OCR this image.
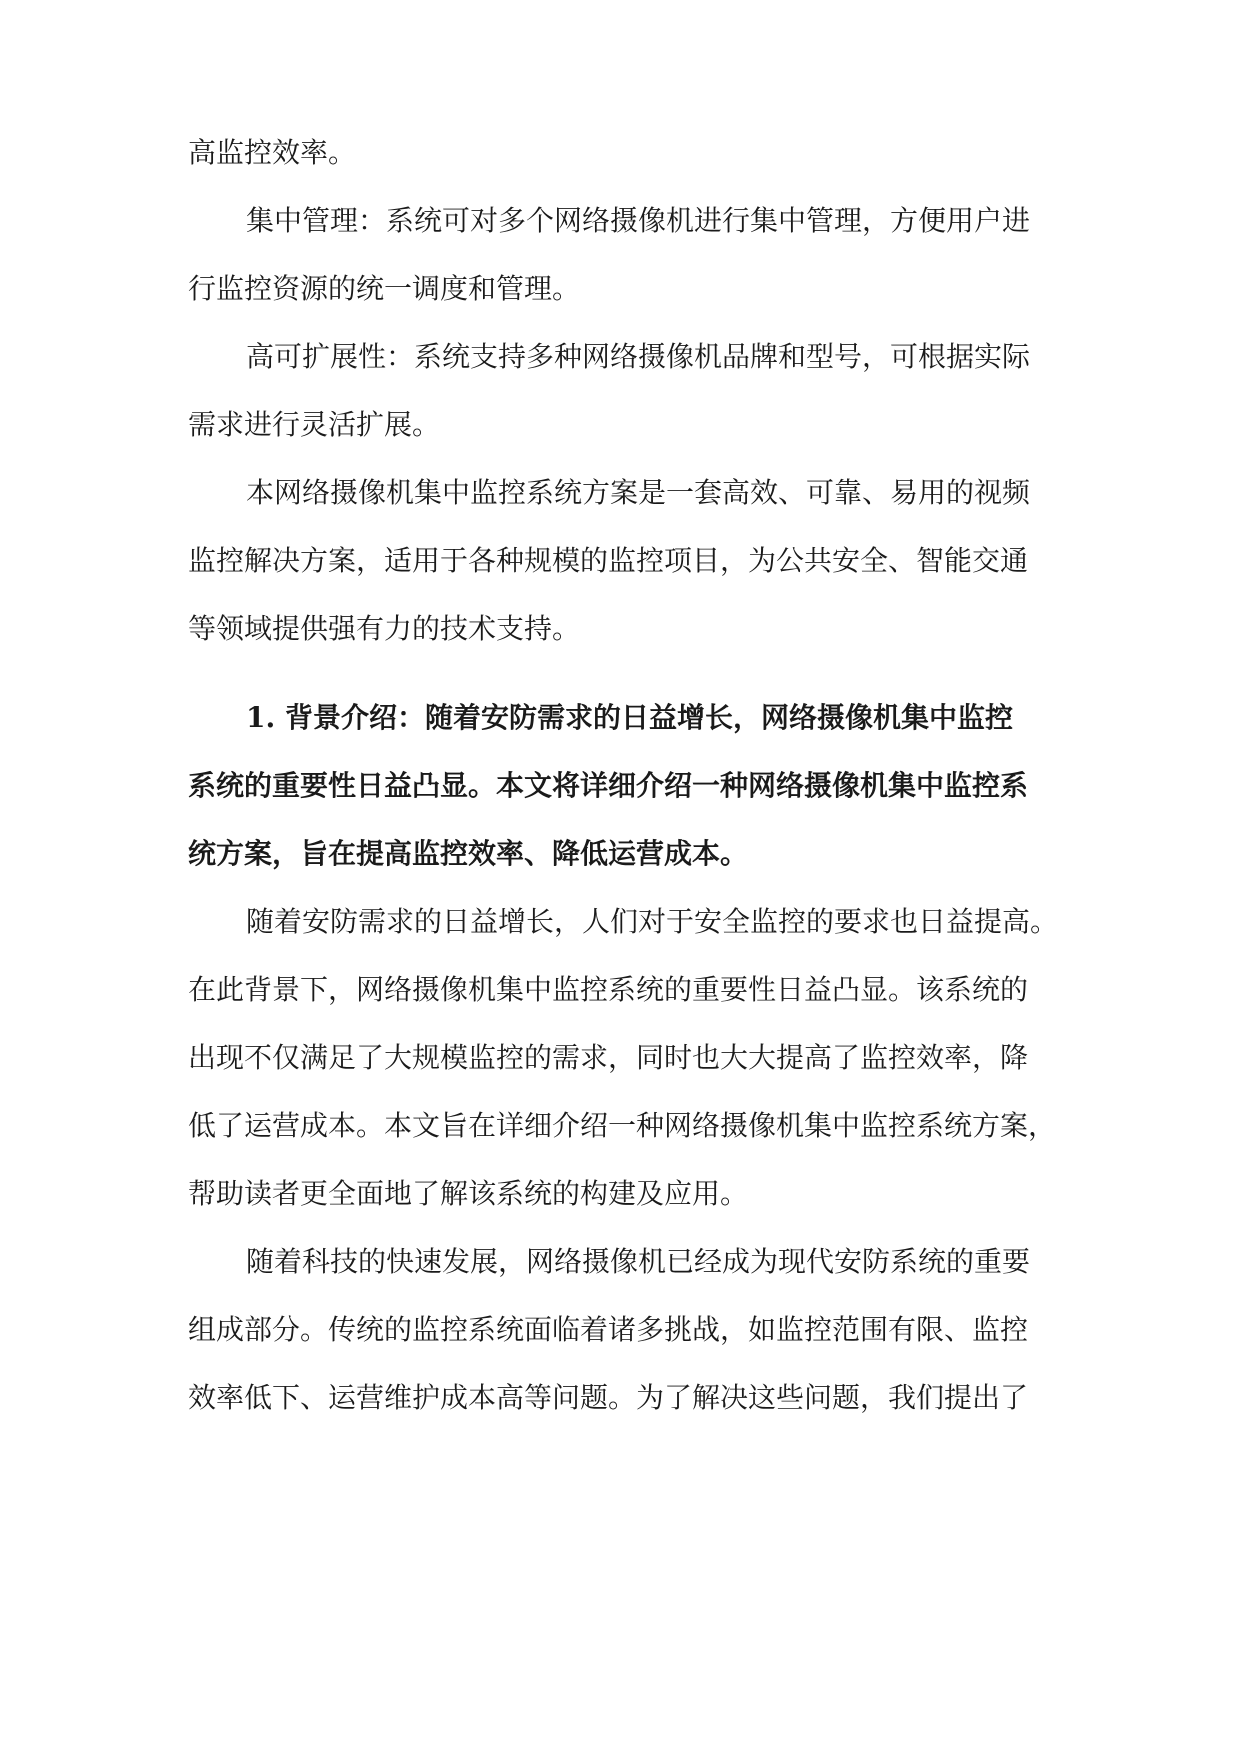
高监控效率。
集中管理：系统可对多个网络摄像机进行集中管理，方便用户进
行监控资源的统一调度和管理。
高可扩展性：系统支持多种网络摄像机品牌和型号，可根据实际
需求进行灵活扩展。
本网络摄像机集中监控系统方案是一套高效、可靠、易用的视频
监控解决方案，适用于各种规模的监控项目，为公共安全、智能交通
等领域提供强有力的技术支持。
1. 背景介绍：随着安防需求的日益增长，网络摄像机集中监控
系统的重要性日益凸显。本文将详细介绍一种网络摄像机集中监控系
统方案，旨在提高监控效率、降低运营成本。
随着安防需求的日益增长，人们对于安全监控的要求也日益提高。
在此背景下，网络摄像机集中监控系统的重要性日益凸显。该系统的
出现不仅满足了大规模监控的需求，同时也大大提高了监控效率，降
低了运营成本。本文旨在详细介绍一种网络摄像机集中监控系统方案，
帮助读者更全面地了解该系统的构建及应用。
随着科技的快速发展，网络摄像机已经成为现代安防系统的重要
组成部分。传统的监控系统面临着诸多挑战，如监控范围有限、监控
效率低下、运营维护成本高等问题。为了解决这些问题，我们提出了
